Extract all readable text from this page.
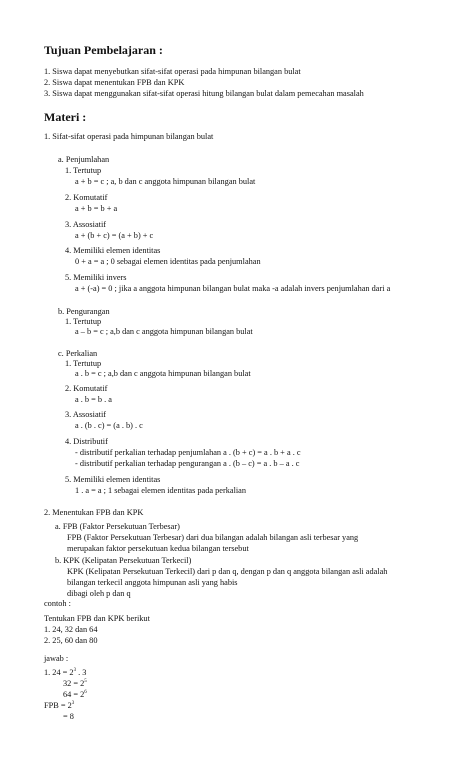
Tujuan Pembelajaran :
1. Siswa dapat menyebutkan sifat-sifat operasi pada himpunan bilangan bulat
2. Siswa dapat menentukan FPB dan KPK
3. Siswa dapat menggunakan sifat-sifat operasi hitung bilangan bulat dalam pemecahan masalah
Materi :
1. Sifat-sifat operasi pada himpunan bilangan bulat
a. Penjumlahan
1. Tertutup
a + b = c ; a, b dan c anggota himpunan bilangan bulat
2. Komutatif
a + b = b + a
3. Assosiatif
a + (b + c) = (a + b) + c
4. Memiliki elemen identitas
0 + a = a ; 0 sebagai elemen identitas pada penjumlahan
5. Memiliki invers
a + (-a) = 0 ; jika a anggota himpunan bilangan bulat maka -a adalah invers penjumlahan dari a
b. Pengurangan
1. Tertutup
a – b = c ; a,b dan c anggota himpunan bilangan bulat
c. Perkalian
1. Tertutup
a . b = c ; a,b dan c anggota himpunan bilangan bulat
2. Komutatif
a . b = b . a
3. Assosiatif
a . (b . c) = (a . b) . c
4. Distributif
- distributif perkalian terhadap penjumlahan a . (b + c) = a . b + a . c
- distributif perkalian terhadap pengurangan a . (b – c) = a . b – a . c
5. Memiliki elemen identitas
1 . a = a ; 1 sebagai elemen identitas pada perkalian
2. Menentukan FPB dan KPK
a. FPB (Faktor Persekutuan Terbesar)
FPB (Faktor Persekutuan Terbesar) dari dua bilangan adalah bilangan asli terbesar yang
merupakan faktor persekutuan kedua bilangan tersebut
b. KPK (Kelipatan Persekutuan Terkecil)
KPK (Kelipatan Persekutuan Terkecil) dari p dan q, dengan p dan q anggota bilangan asli adalah
bilangan terkecil anggota himpunan asli yang habis
dibagi oleh p dan q
contoh :
Tentukan FPB dan KPK berikut
1. 24, 32 dan 64
2. 25, 60 dan 80
jawab :
1. $24 = 2^3$ . 3
$32 = 2^5$
$64 = 2^6$
FPB = $2^3$
= 8
